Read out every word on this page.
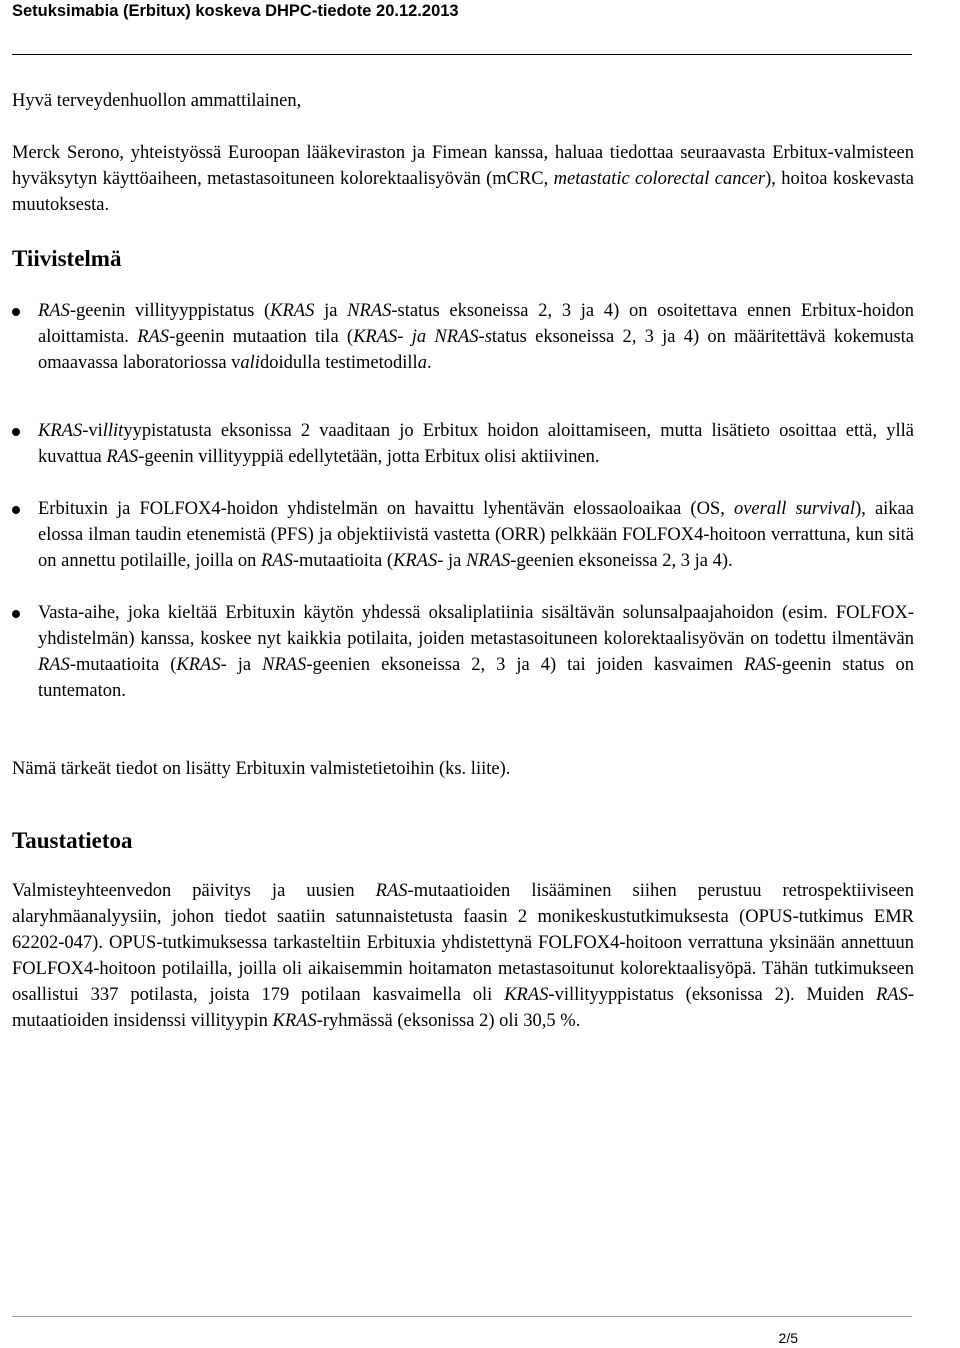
Setuksimabia (Erbitux) koskeva DHPC-tiedote 20.12.2013

Hyvä terveydenhuollon ammattilainen,

Merck Serono, yhteistyössä Euroopan lääkeviraston ja Fimean kanssa, haluaa tiedottaa seuraavasta Erbitux-valmisteen hyväksytyn käyttöaiheen, metastasoituneen kolorektaalisyövän (mCRC, metastatic colorectal cancer), hoitoa koskevasta muutoksesta.

Tiivistelmä
RAS-geenin villityyppistatus (KRAS ja NRAS-status eksoneissa 2, 3 ja 4) on osoitettava ennen Erbitux-hoidon aloittamista. RAS-geenin mutaation tila (KRAS- ja NRAS-status eksoneissa 2, 3 ja 4) on määritettävä kokemusta omaavassa laboratoriossa validoidulla testimetodilla.
KRAS-villityypistatusta eksonissa 2 vaaditaan jo Erbitux hoidon aloittamiseen, mutta lisätieto osoittaa että, yllä kuvattua RAS-geenin villityyppiä edellytetään, jotta Erbitux olisi aktiivinen.
Erbituxin ja FOLFOX4-hoidon yhdistelmän on havaittu lyhentävän elossaoloaikaa (OS, overall survival), aikaa elossa ilman taudin etenemistä (PFS) ja objektiivistä vastetta (ORR) pelkkään FOLFOX4-hoitoon verrattuna, kun sitä on annettu potilaille, joilla on RAS-mutaatioita (KRAS- ja NRAS-geenien eksoneissa 2, 3 ja 4).
Vasta-aihe, joka kieltää Erbituxin käytön yhdessä oksaliplatiinia sisältävän solunsalpaajahoidon (esim. FOLFOX-yhdistelmän) kanssa, koskee nyt kaikkia potilaita, joiden metastasoituneen kolorektaalisyövän on todettu ilmentävän RAS-mutaatioita (KRAS- ja NRAS-geenien eksoneissa 2, 3 ja 4) tai joiden kasvaimen RAS-geenin status on tuntematon.

Nämä tärkeät tiedot on lisätty Erbituxin valmistetietoihin (ks. liite).

Taustatietoa

Valmisteyhteenvedon päivitys ja uusien RAS-mutaatioiden lisääminen siihen perustuu retrospektiiviseen alaryhmäanalyysiin, johon tiedot saatiin satunnaistetusta faasin 2 monikeskustutkimuksesta (OPUS-tutkimus EMR 62202-047). OPUS-tutkimuksessa tarkasteltiin Erbituxia yhdistettynä FOLFOX4-hoitoon verrattuna yksinään annettuun FOLFOX4-hoitoon potilailla, joilla oli aikaisemmin hoitamaton metastasoitunut kolorektaalisyöpä. Tähän tutkimukseen osallistui 337 potilasta, joista 179 potilaan kasvaimella oli KRAS-villityyppistatus (eksonissa 2). Muiden RAS-mutaatioiden insidenssi villityypin KRAS-ryhmässä (eksonissa 2) oli 30,5 %.

2/5
